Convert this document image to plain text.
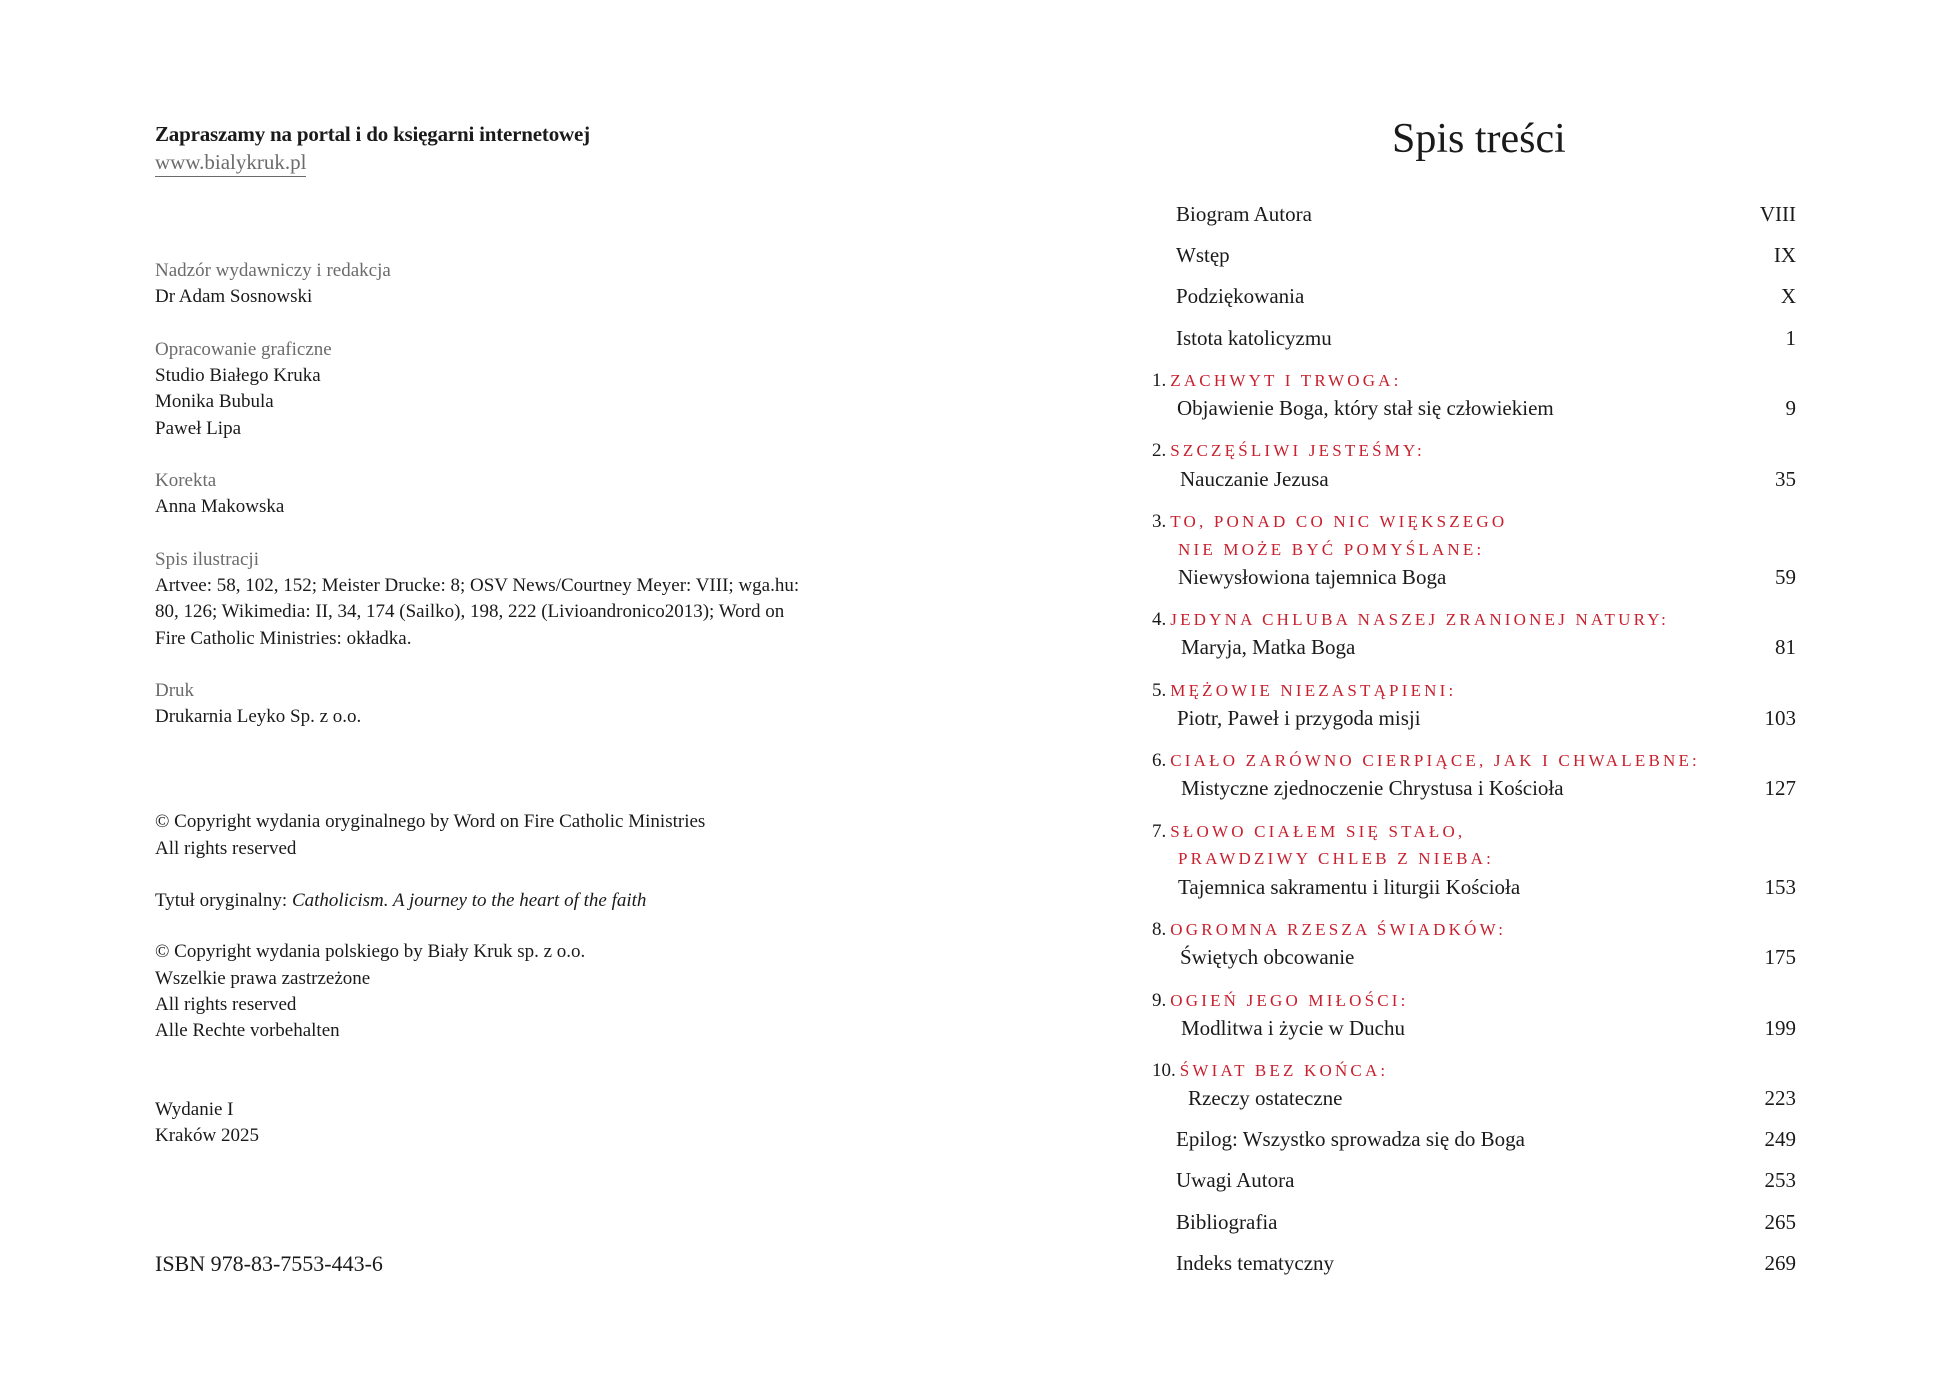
Zapraszamy na portal i do księgarni internetowej
www.bialykruk.pl
Nadzór wydawniczy i redakcja
Dr Adam Sosnowski
Opracowanie graficzne
Studio Białego Kruka
Monika Bubula
Paweł Lipa
Korekta
Anna Makowska
Spis ilustracji
Artvee: 58, 102, 152; Meister Drucke: 8; OSV News/Courtney Meyer: VIII; wga.hu:
80, 126; Wikimedia: II, 34, 174 (Sailko), 198, 222 (Livioandronico2013); Word on
Fire Catholic Ministries: okładka.
Druk
Drukarnia Leyko Sp. z o.o.
© Copyright wydania oryginalnego by Word on Fire Catholic Ministries
All rights reserved
Tytuł oryginalny: Catholicism. A journey to the heart of the faith
© Copyright wydania polskiego by Biały Kruk sp. z o.o.
Wszelkie prawa zastrzeżone
All rights reserved
Alle Rechte vorbehalten
Wydanie I
Kraków 2025
ISBN 978-83-7553-443-6
Spis treści
Biogram Autora	VIII
Wstęp	IX
Podziękowania	X
Istota katolicyzmu	1
1. ZACHWYT I TRWOGA:
Objawienie Boga, który stał się człowiekiem	9
2. SZCZĘŚLIWI JESTEŚMY:
Nauczanie Jezusa	35
3. TO, PONAD CO NIC WIĘKSZEGO
NIE MOŻE BYĆ POMYŚLANE:
Niewysłowiona tajemnica Boga	59
4. JEDYNA CHLUBA NASZEJ ZRANIONEJ NATURY:
Maryja, Matka Boga	81
5. MĘŻOWIE NIEZASTĄPIENI:
Piotr, Paweł i przygoda misji	103
6. CIAŁO ZARÓWNO CIERPIĄCE, JAK I CHWALEBNE:
Mistyczne zjednoczenie Chrystusa i Kościoła	127
7. SŁOWO CIAŁEM SIĘ STAŁO,
PRAWDZIWY CHLEB Z NIEBA:
Tajemnica sakramentu i liturgii Kościoła	153
8. OGROMNA RZESZA ŚWIADKÓW:
Świętych obcowanie	175
9. OGIEŃ JEGO MIŁOŚCI:
Modlitwa i życie w Duchu	199
10. ŚWIAT BEZ KOŃCA:
Rzeczy ostateczne	223
Epilog: Wszystko sprowadza się do Boga	249
Uwagi Autora	253
Bibliografia	265
Indeks tematyczny	269
